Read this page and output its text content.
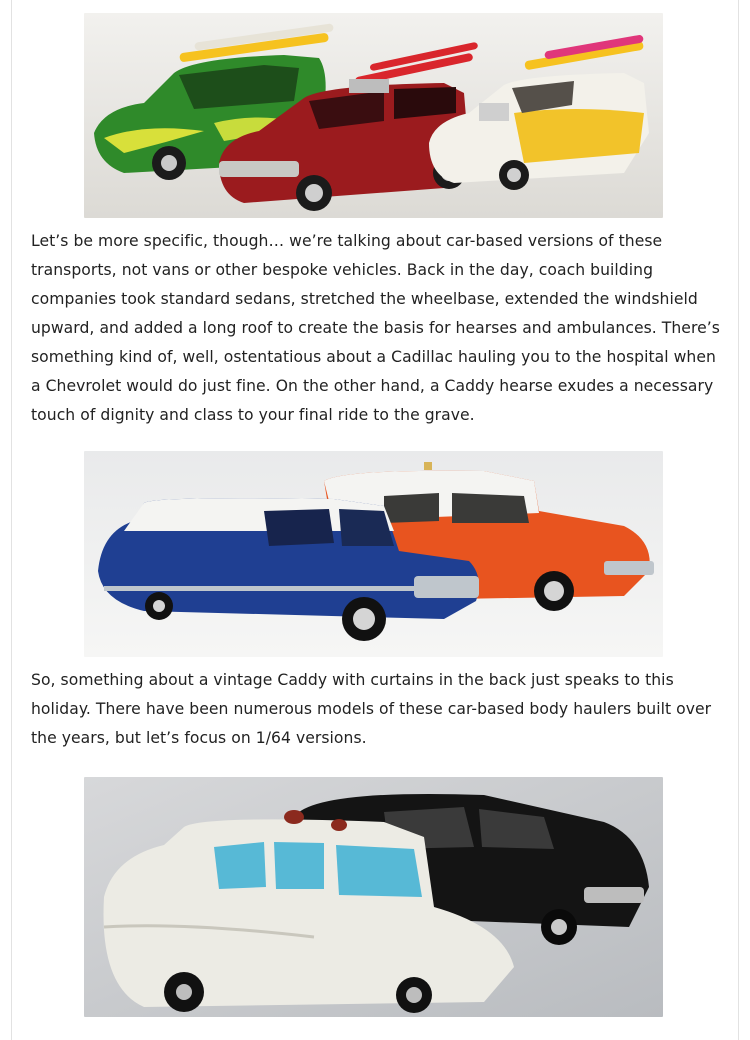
Let’s be more specific, though… we’re talking about car-based versions of these transports, not vans or other bespoke vehicles. Back in the day, coach building companies took standard sedans, stretched the wheelbase, extended the windshield upward, and added a long roof to create the basis for hearses and ambulances. There’s something kind of, well, ostentatious about a Cadillac hauling you to the hospital when a Chevrolet would do just fine. On the other hand, a Caddy hearse exudes a necessary touch of dignity and class to your final ride to the grave.

So, something about a vintage Caddy with curtains in the back just speaks to this holiday. There have been numerous models of these car-based body haulers built over the years, but let’s focus on 1/64 versions.
